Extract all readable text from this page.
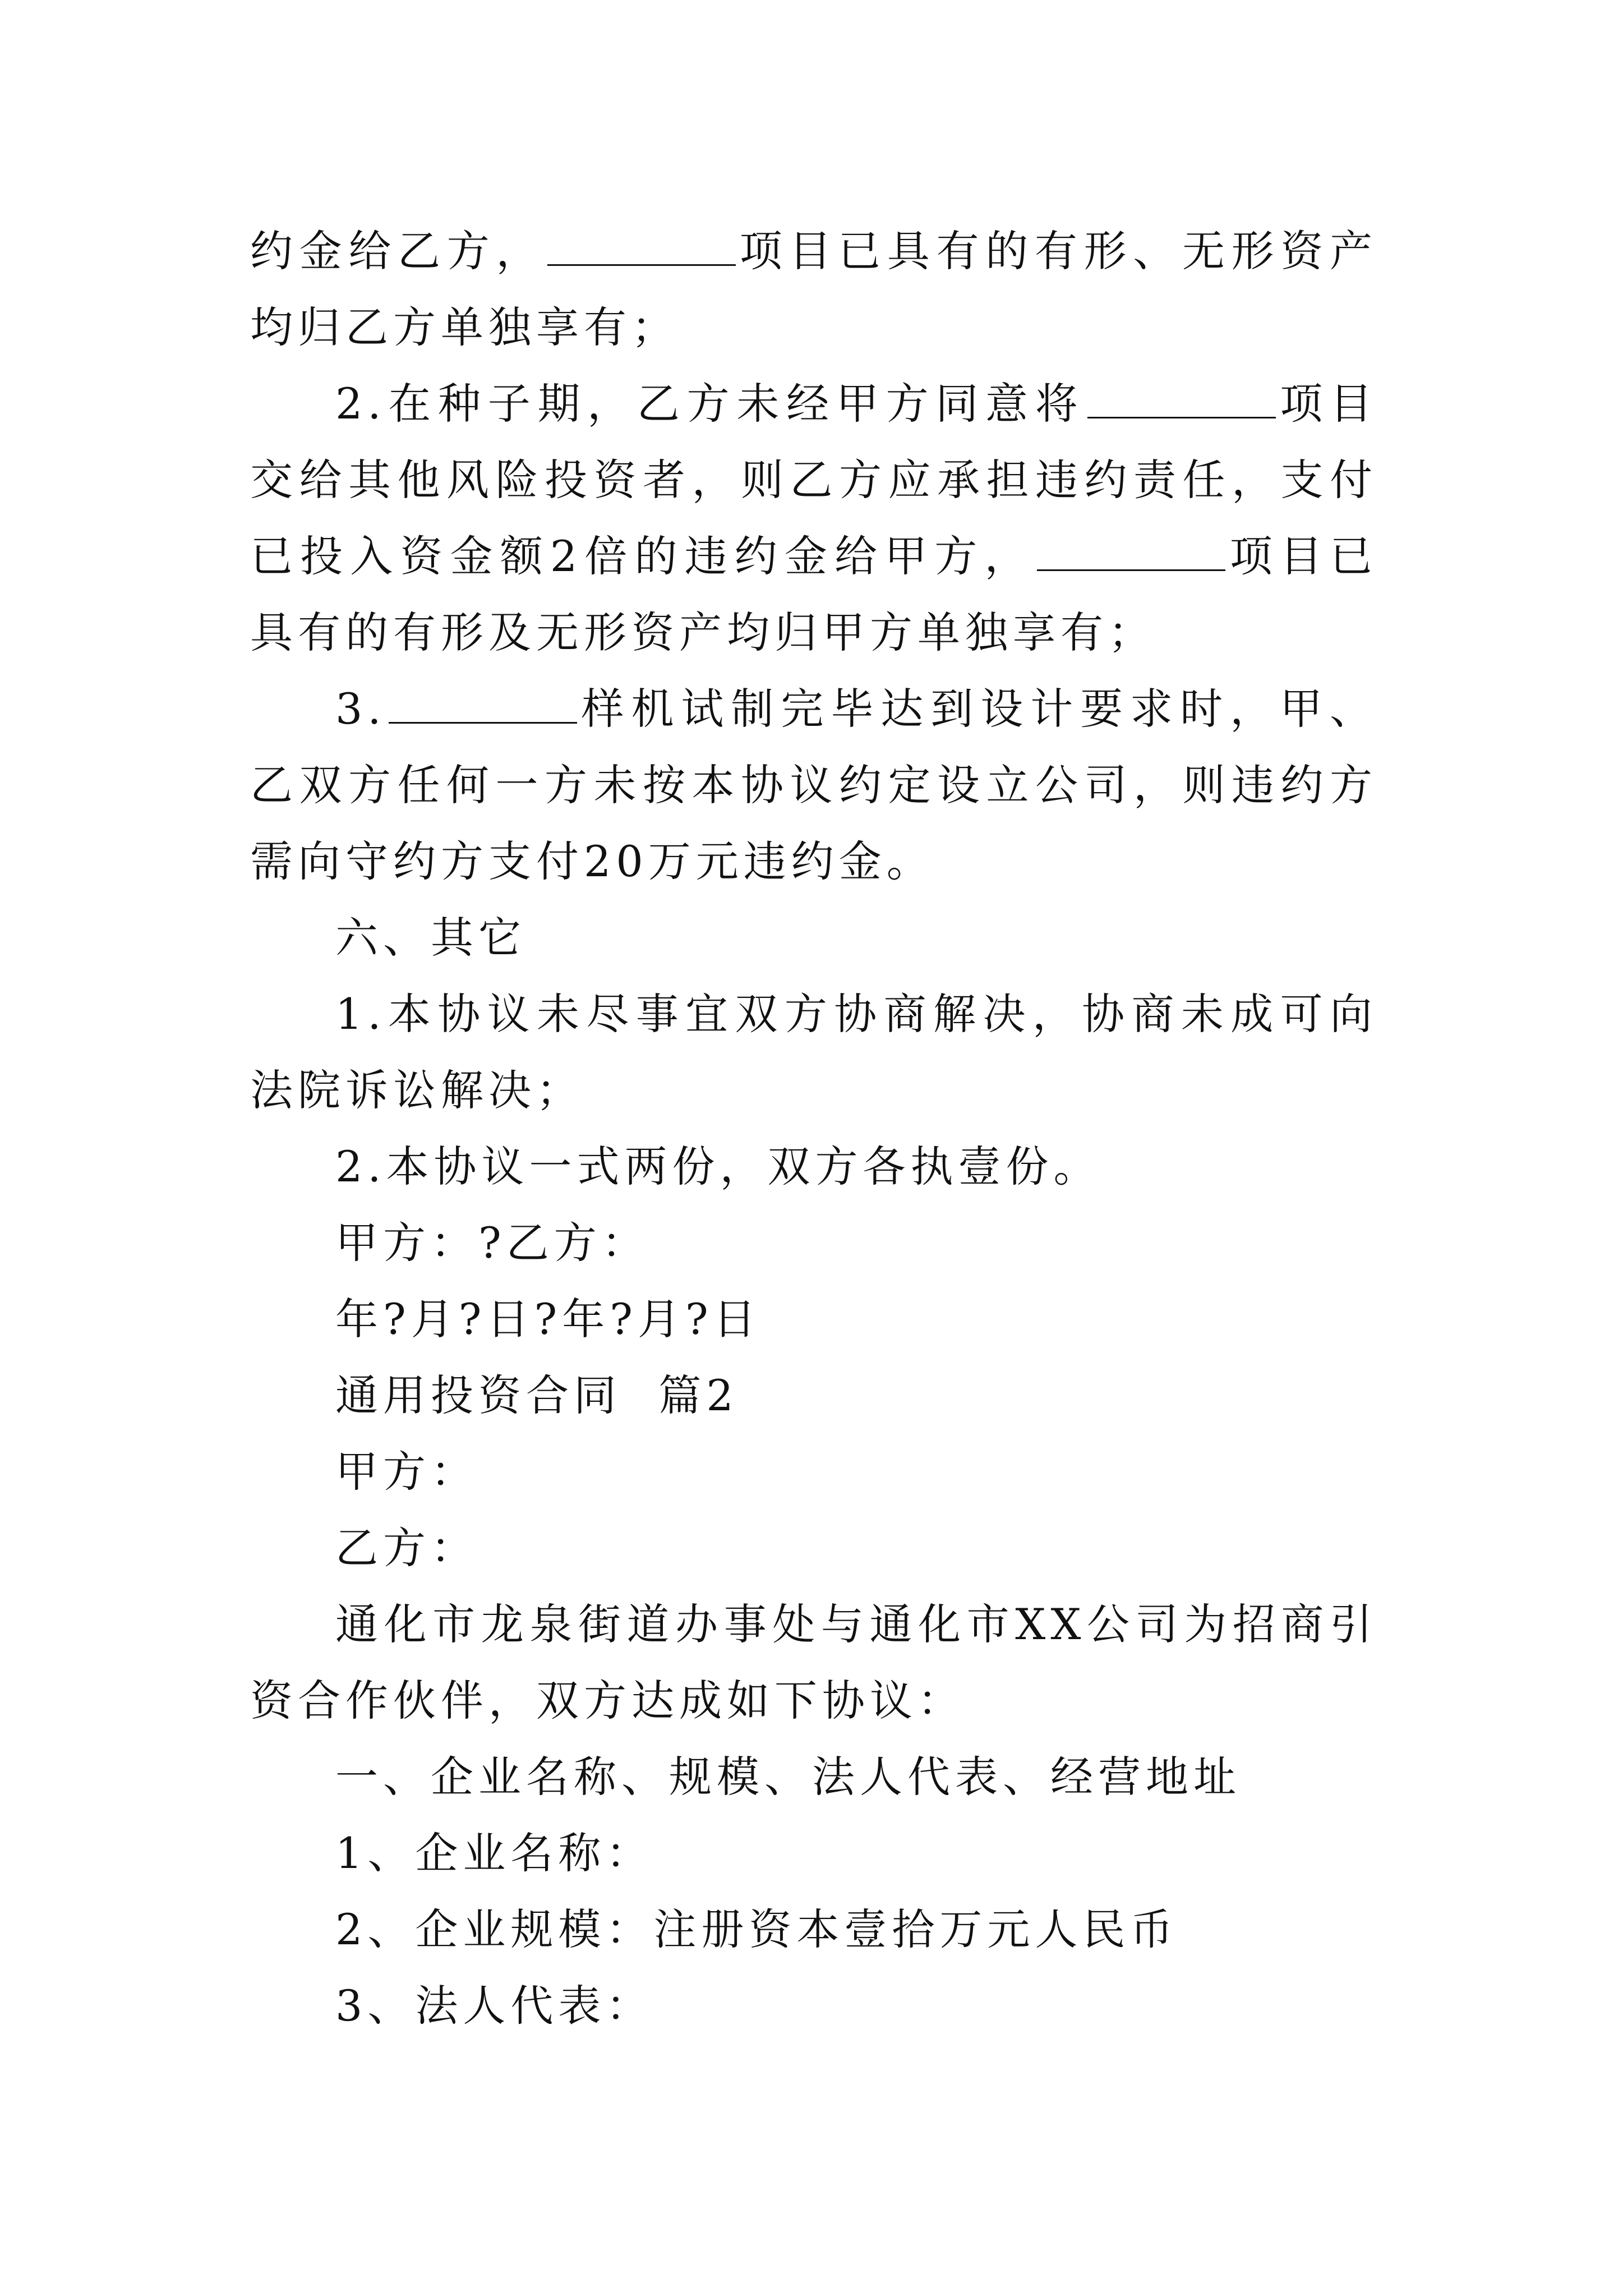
约金给乙方，	项目已具有的有形、无形资产均归乙方单独享有；

2.在种子期，乙方未经甲方同意将	项目交给其他风险投资者，则乙方应承担违约责任，支付已投入资金额2倍的违约金给甲方，	项目已具有的有形及无形资产均归甲方单独享有；

3.	样机试制完毕达到设计要求时，甲、乙双方任何一方未按本协议约定设立公司，则违约方需向守约方支付20万元违约金。

六、其它

1.本协议未尽事宜双方协商解决，协商未成可向法院诉讼解决；

2.本协议一式两份，双方各执壹份。

甲方：?乙方：

年?月?日?年?月?日

通用投资合同  篇2

甲方：

乙方：

通化市龙泉街道办事处与通化市XX公司为招商引资合作伙伴，双方达成如下协议：

一、企业名称、规模、法人代表、经营地址

1、企业名称：

2、企业规模：注册资本壹拾万元人民币

3、法人代表：
